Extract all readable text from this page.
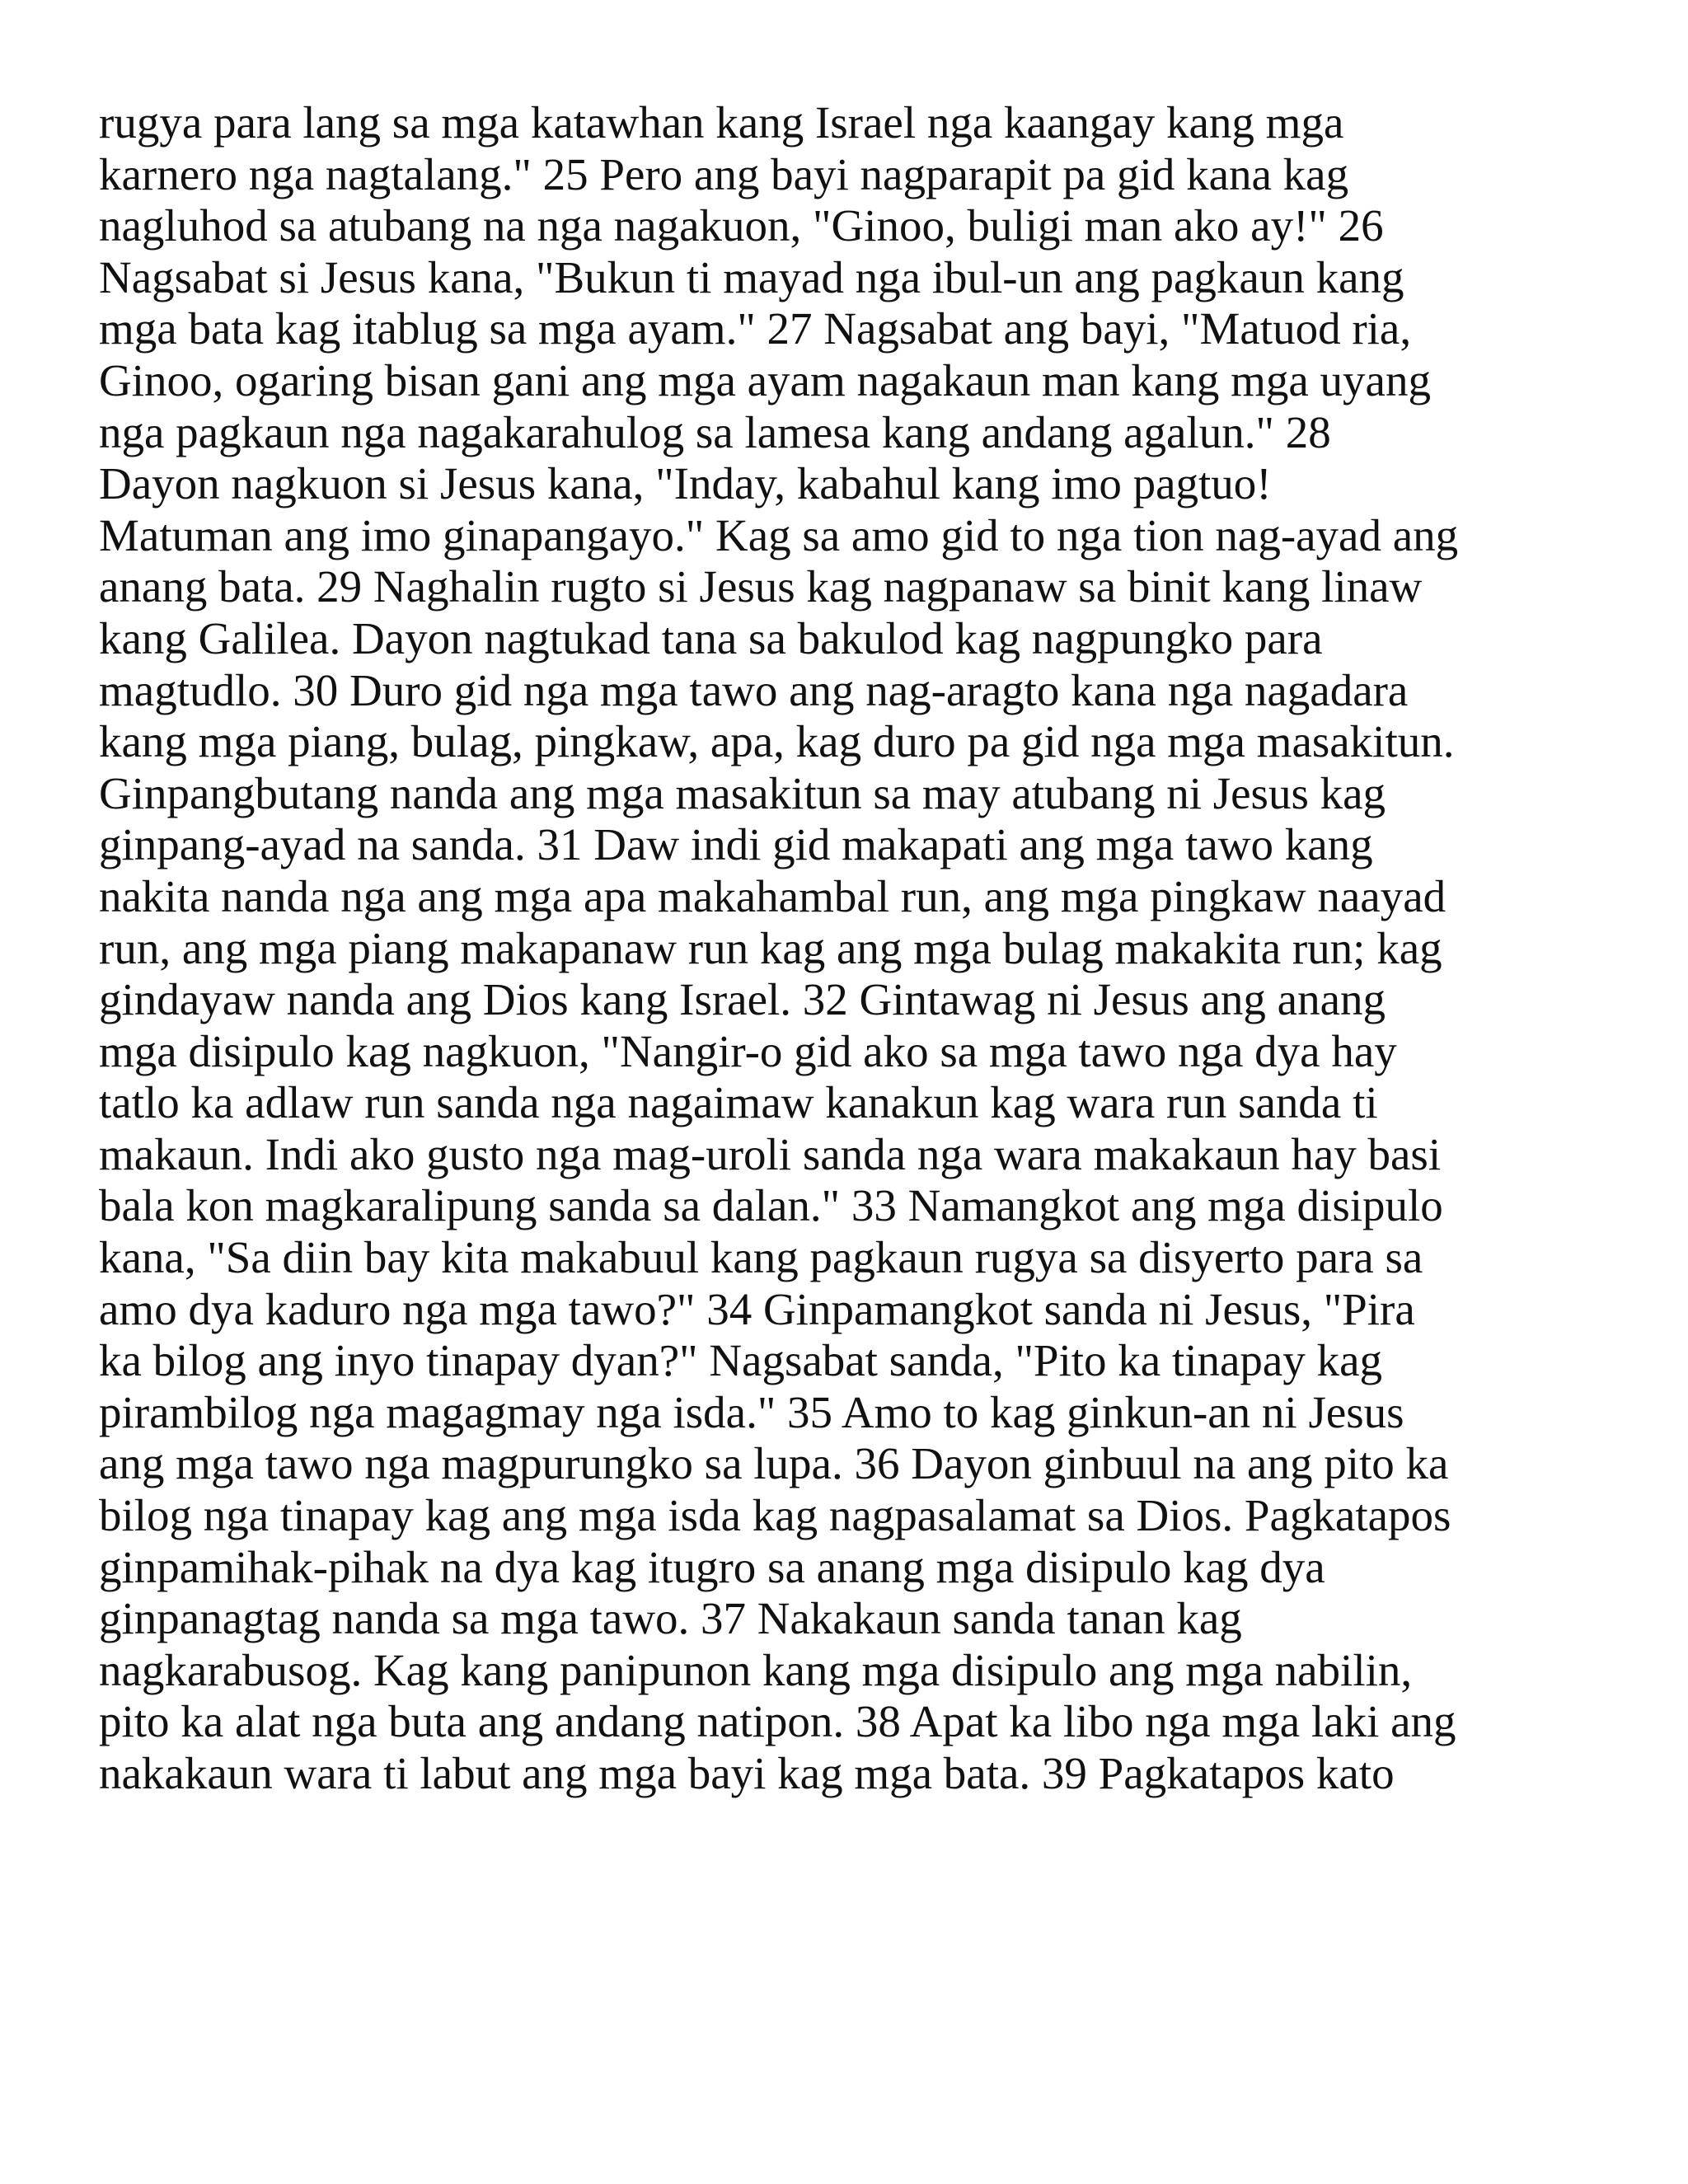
rugya para lang sa mga katawhan kang Israel nga kaangay kang mga
karnero nga nagtalang." 25 Pero ang bayi nagparapit pa gid kana kag
nagluhod sa atubang na nga nagakuon, "Ginoo, buligi man ako ay!" 26
Nagsabat si Jesus kana, "Bukun ti mayad nga ibul-un ang pagkaun kang
mga bata kag itablug sa mga ayam." 27 Nagsabat ang bayi, "Matuod ria,
Ginoo, ogaring bisan gani ang mga ayam nagakaun man kang mga uyang
nga pagkaun nga nagakarahulog sa lamesa kang andang agalun." 28
Dayon nagkuon si Jesus kana, "Inday, kabahul kang imo pagtuo!
Matuman ang imo ginapangayo." Kag sa amo gid to nga tion nag-ayad ang
anang bata. 29 Naghalin rugto si Jesus kag nagpanaw sa binit kang linaw
kang Galilea. Dayon nagtukad tana sa bakulod kag nagpungko para
magtudlo. 30 Duro gid nga mga tawo ang nag-aragto kana nga nagadara
kang mga piang, bulag, pingkaw, apa, kag duro pa gid nga mga masakitun.
Ginpangbutang nanda ang mga masakitun sa may atubang ni Jesus kag
ginpang-ayad na sanda. 31 Daw indi gid makapati ang mga tawo kang
nakita nanda nga ang mga apa makahambal run, ang mga pingkaw naayad
run, ang mga piang makapanaw run kag ang mga bulag makakita run; kag
gindayaw nanda ang Dios kang Israel. 32 Gintawag ni Jesus ang anang
mga disipulo kag nagkuon, "Nangir-o gid ako sa mga tawo nga dya hay
tatlo ka adlaw run sanda nga nagaimaw kanakun kag wara run sanda ti
makaun. Indi ako gusto nga mag-uroli sanda nga wara makakaun hay basi
bala kon magkaralipung sanda sa dalan." 33 Namangkot ang mga disipulo
kana, "Sa diin bay kita makabuul kang pagkaun rugya sa disyerto para sa
amo dya kaduro nga mga tawo?" 34 Ginpamangkot sanda ni Jesus, "Pira
ka bilog ang inyo tinapay dyan?" Nagsabat sanda, "Pito ka tinapay kag
pirambilog nga magagmay nga isda." 35 Amo to kag ginkun-an ni Jesus
ang mga tawo nga magpurungko sa lupa. 36 Dayon ginbuul na ang pito ka
bilog nga tinapay kag ang mga isda kag nagpasalamat sa Dios. Pagkatapos
ginpamihak-pihak na dya kag itugro sa anang mga disipulo kag dya
ginpanagtag nanda sa mga tawo. 37 Nakakaun sanda tanan kag
nagkarabusog. Kag kang panipunon kang mga disipulo ang mga nabilin,
pito ka alat nga buta ang andang natipon. 38 Apat ka libo nga mga laki ang
nakakaun wara ti labut ang mga bayi kag mga bata. 39 Pagkatapos kato
